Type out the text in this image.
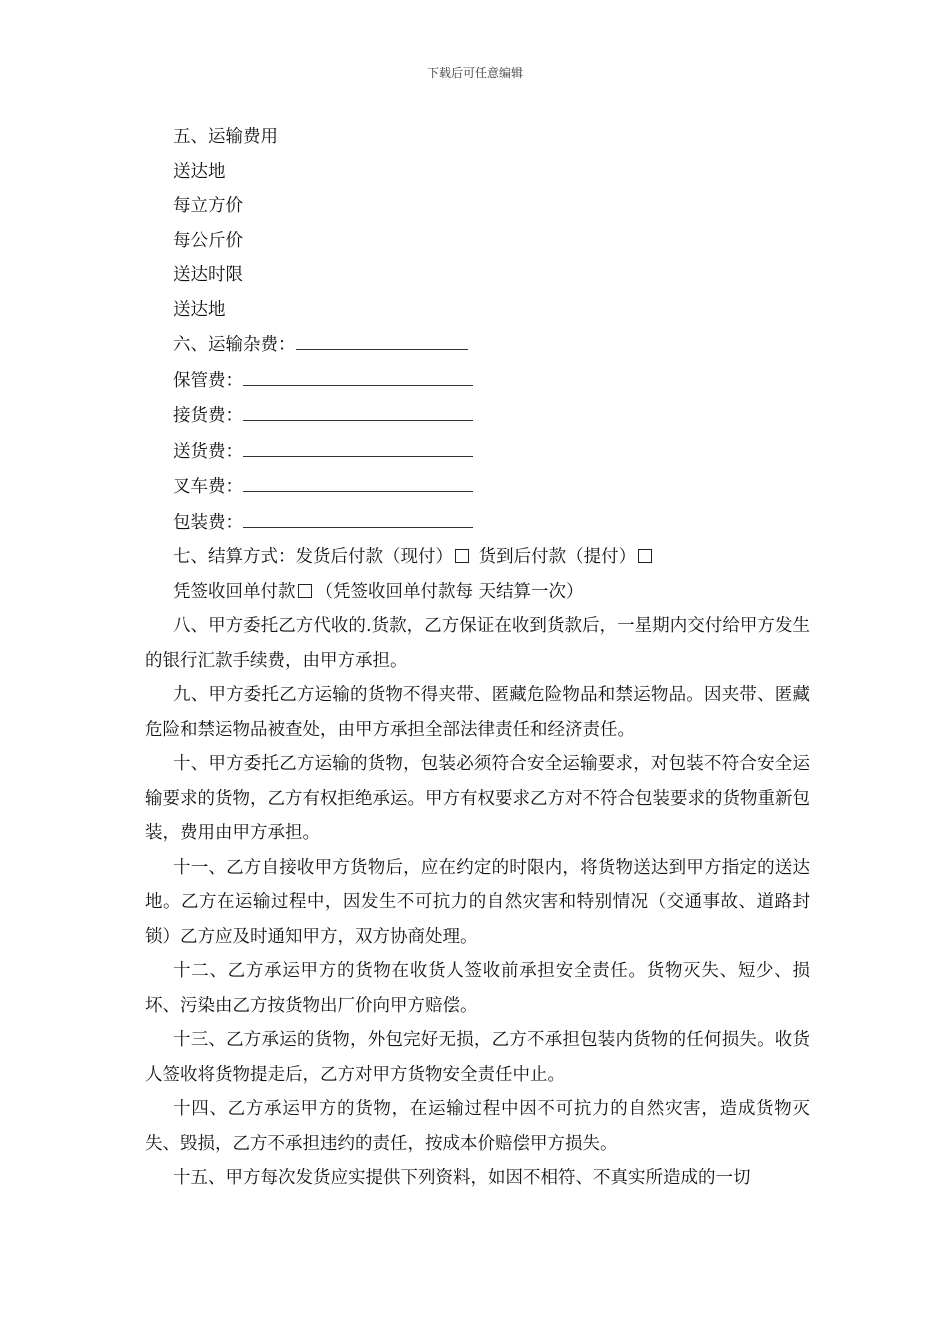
下载后可任意编辑
五、运输费用
送达地
每立方价
每公斤价
送达时限
送达地
六、运输杂费：
保管费：
接货费：
送货费：
叉车费：
包装费：
七、结算方式：发货后付款（现付） 货到后付款（提付）
凭签收回单付款 （凭签收回单付款每 天结算一次）

八、甲方委托乙方代收的.货款，乙方保证在收到货款后，一星期内交付给甲方发生的银行汇款手续费，由甲方承担。

九、甲方委托乙方运输的货物不得夹带、匿藏危险物品和禁运物品。因夹带、匿藏危险和禁运物品被查处，由甲方承担全部法律责任和经济责任。

十、甲方委托乙方运输的货物，包装必须符合安全运输要求，对包装不符合安全运输要求的货物，乙方有权拒绝承运。甲方有权要求乙方对不符合包装要求的货物重新包装，费用由甲方承担。

十一、乙方自接收甲方货物后，应在约定的时限内，将货物送达到甲方指定的送达地。乙方在运输过程中，因发生不可抗力的自然灾害和特别情况（交通事故、道路封锁）乙方应及时通知甲方，双方协商处理。

十二、乙方承运甲方的货物在收货人签收前承担安全责任。货物灭失、短少、损坏、污染由乙方按货物出厂价向甲方赔偿。

十三、乙方承运的货物，外包完好无损，乙方不承担包装内货物的任何损失。收货人签收将货物提走后，乙方对甲方货物安全责任中止。

十四、乙方承运甲方的货物，在运输过程中因不可抗力的自然灾害，造成货物灭失、毁损，乙方不承担违约的责任，按成本价赔偿甲方损失。

十五、甲方每次发货应实提供下列资料，如因不相符、不真实所造成的一切
